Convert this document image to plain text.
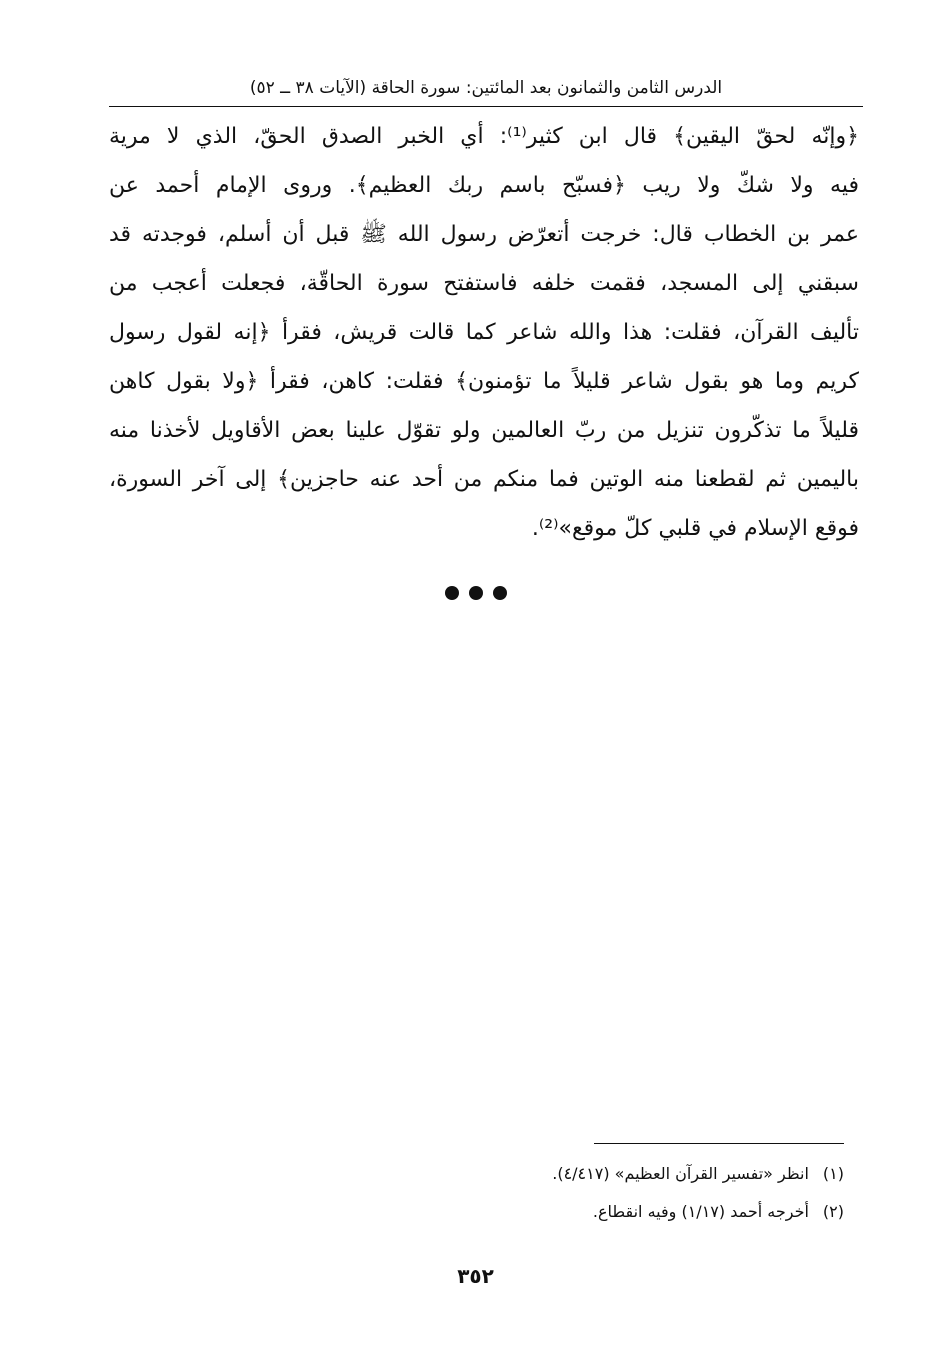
الدرس الثامن والثمانون بعد المائتين: سورة الحاقة (الآيات ٣٨ ــ ٥٢)
﴿وإنّه لحقّ اليقين﴾ قال ابن كثير⁽¹⁾: أي الخبر الصدق الحقّ، الذي لا مرية
فيه ولا شكّ ولا ريب ﴿فسبّح باسم ربك العظيم﴾. وروى الإمام أحمد عن
عمر بن الخطاب قال: خرجت أتعرّض رسول الله ﷺ قبل أن أسلم، فوجدته قد
سبقني إلى المسجد، فقمت خلفه فاستفتح سورة الحاقّة، فجعلت أعجب من
تأليف القرآن، فقلت: هذا والله شاعر كما قالت قريش، فقرأ ﴿إنه لقول رسول
كريم وما هو بقول شاعر قليلاً ما تؤمنون﴾ فقلت: كاهن، فقرأ ﴿ولا بقول كاهن
قليلاً ما تذكّرون تنزيل من ربّ العالمين ولو تقوّل علينا بعض الأقاويل لأخذنا منه
باليمين ثم لقطعنا منه الوتين فما منكم من أحد عنه حاجزين﴾ إلى آخر السورة،
فوقع الإسلام في قلبي كلّ موقع»⁽²⁾.
(١)انظر «تفسير القرآن العظيم» (٤/٤١٧).
(٢)أخرجه أحمد (١/١٧) وفيه انقطاع.
٣٥٢
